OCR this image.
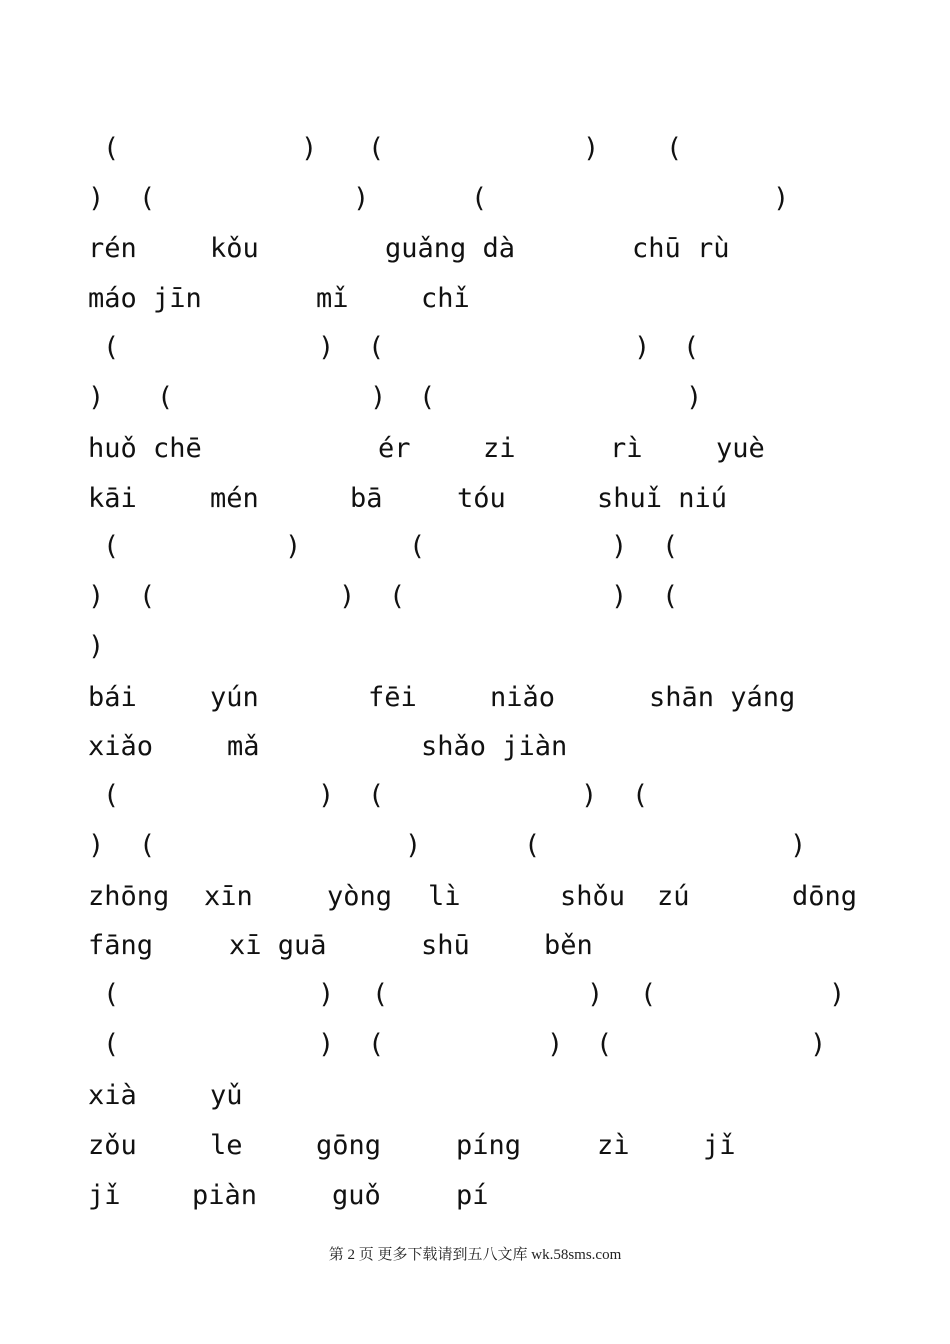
(	) (	) (
) (	)	(	)
rén	kǒu	guǎng dà	chū rù
máo jīn	mǐ	chǐ
(	) (	) (
) (	) (	)
huǒ chē	ér	zi	rì	yuè
kāi	mén	bā	tóu	shuǐ niú
(	)	(	) (
) (	) (	) (
)
bái	yún	fēi	niǎo	shān yáng
xiǎo	mǎ	shǎo jiàn
(	) (	) (
) (	)	(	)
zhōng xīn	yòng lì	shǒu zú	dōng
fāng	xī guā	shū	běn
(	) (	) (	)
(	) (	) (	)
xià	yǔ
zǒu	le	gōng	píng	zì	jǐ
jǐ	piàn	guǒ	pí
第 2 页 更多下载请到五八文库 wk.58sms.com
